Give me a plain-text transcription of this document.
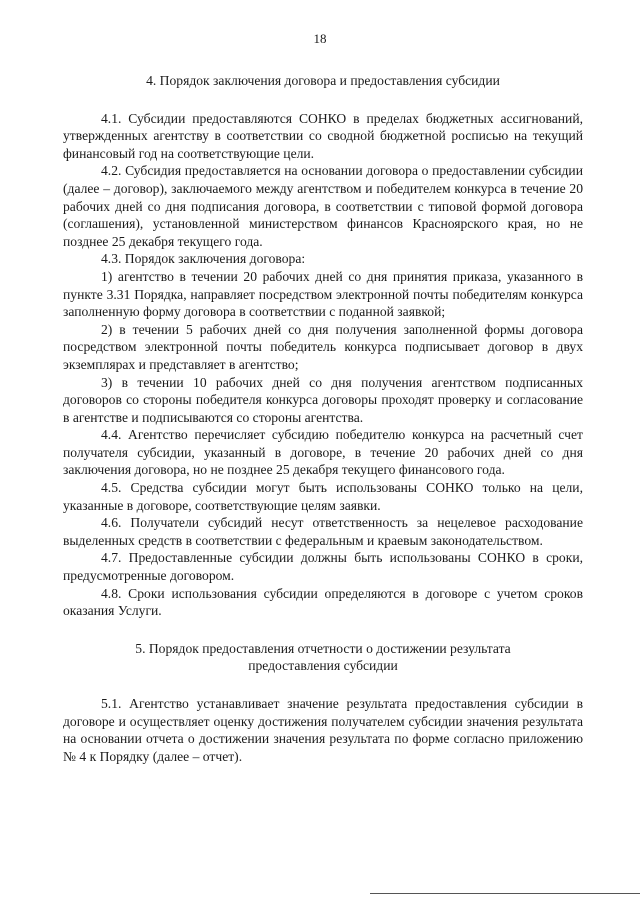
18
4. Порядок заключения договора и предоставления субсидии

4.1. Субсидии предоставляются СОНКО в пределах бюджетных ассигнований, утвержденных агентству в соответствии со сводной бюджетной росписью на текущий финансовый год на соответствующие цели.

4.2. Субсидия предоставляется на основании договора о предоставлении субсидии (далее – договор), заключаемого между агентством и победителем конкурса в течение 20 рабочих дней со дня подписания договора, в соответствии с типовой формой договора (соглашения), установленной министерством финансов Красноярского края, но не позднее 25 декабря текущего года.

4.3. Порядок заключения договора:

1) агентство в течении 20 рабочих дней со дня принятия приказа, указанного в пункте 3.31 Порядка, направляет посредством электронной почты победителям конкурса заполненную форму договора в соответствии с поданной заявкой;

2) в течении 5 рабочих дней со дня получения заполненной формы договора посредством электронной почты победитель конкурса подписывает договор в двух экземплярах и представляет в агентство;

3) в течении 10 рабочих дней со дня получения агентством подписанных договоров со стороны победителя конкурса договоры проходят проверку и согласование в агентстве и подписываются со стороны агентства.

4.4. Агентство перечисляет субсидию победителю конкурса на расчетный счет получателя субсидии, указанный в договоре, в течение 20 рабочих дней со дня заключения договора, но не позднее 25 декабря текущего финансового года.

4.5. Средства субсидии могут быть использованы СОНКО только на цели, указанные в договоре, соответствующие целям заявки.

4.6. Получатели субсидий несут ответственность за нецелевое расходование выделенных средств в соответствии с федеральным и краевым законодательством.

4.7. Предоставленные субсидии должны быть использованы СОНКО в сроки, предусмотренные договором.

4.8. Сроки использования субсидии определяются в договоре с учетом сроков оказания Услуги.

5. Порядок предоставления отчетности о достижении результата
предоставления субсидии

5.1. Агентство устанавливает значение результата предоставления субсидии в договоре и осуществляет оценку достижения получателем субсидии значения результата на основании отчета о достижении значения результата по форме согласно приложению № 4 к Порядку (далее – отчет).
